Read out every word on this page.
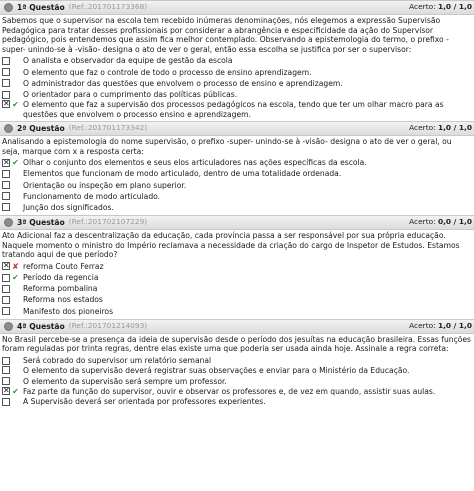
1ª Questão (Ref.:201701173368)	Acerto: 1,0 / 1,0
Sabemos que o supervisor na escola tem recebido inúmeras denominações, nós elegemos a expressão Supervisão Pedagógica para tratar desses profissionais por considerar a abrangência e especificidade da ação do Supervisor pedagógico, pois entendemos que assim fica melhor contemplado. Observando a epistemologia do termo, o prefixo -super- unindo-se à -visão- designa o ato de ver o geral, então essa escolha se justifica por ser o supervisor:
O analista e observador da equipe de gestão da escola
O elemento que faz o controle de todo o processo de ensino aprendizagem.
O administrador das questões que envolvem o processo de ensino e aprendizagem.
O orientador para o cumprimento das políticas públicas.
✕
✔ O elemento que faz a supervisão dos processos pedagógicos na escola, tendo que ter um olhar macro para as questões que envolvem o processo ensino e aprendizagem.
2ª Questão (Ref.:201701173342)	Acerto: 1,0 / 1,0
Analisando a epistemologia do nome supervisão, o prefixo -super- unindo-se à -visão- designa o ato de ver o geral, ou seja, marque com x a resposta certa:
✕
✔ Olhar o conjunto dos elementos e seus elos articuladores nas ações específicas da escola.
Elementos que funcionam de modo articulado, dentro de uma totalidade ordenada.
Orientação ou inspeção em plano superior.
Funcionamento de modo articulado.
Junção dos significados.
3ª Questão (Ref.:201702107229)	Acerto: 0,0 / 1,0
Ato Adicional faz a descentralização da educação, cada província passa a ser responsável por sua própria educação. Naquele momento o ministro do Império reclamava a necessidade da criação do cargo de Inspetor de Estudos. Estamos tratando aqui de que período?
✕
✘ reforma Couto Ferraz
✔ Período da regencia
Reforma pombalina
Reforma nos estados
Manifesto dos pioneiros
4ª Questão (Ref.:201701214093)	Acerto: 1,0 / 1,0
No Brasil percebe-se a presença da ideia de supervisão desde o período dos jesuítas na educação brasileira. Essas funções foram reguladas por trinta regras, dentre elas existe uma que poderia ser usada ainda hoje. Assinale a regra correta:
Será cobrado do supervisor um relatório semanal
O elemento da supervisão deverá registrar suas observações e enviar para o Ministério da Educação.
O elemento da supervisão será sempre um professor.
✕
✔ Faz parte da função do supervisor, ouvir e observar os professores e, de vez em quando, assistir suas aulas.
A Supervisão deverá ser orientada por professores experientes.
